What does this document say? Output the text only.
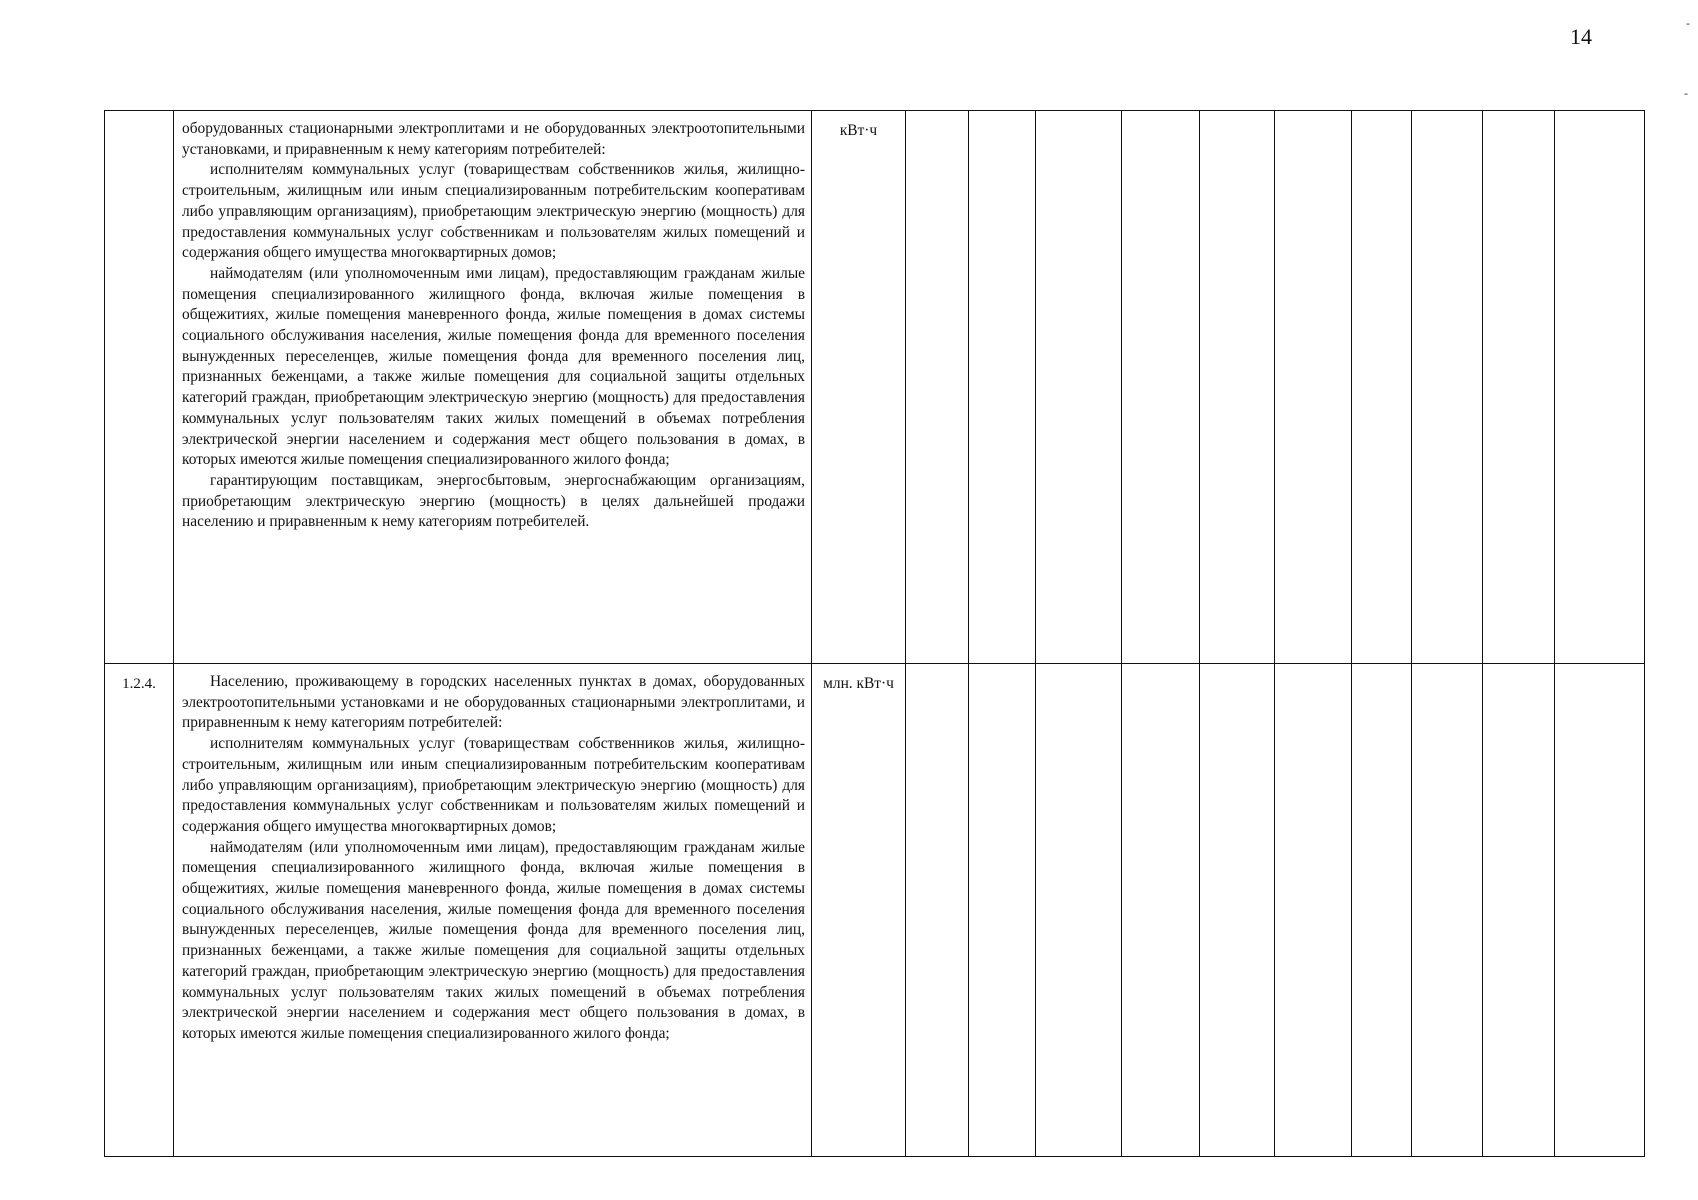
14
-
-

	оборудованных стационарными электроплитами и не оборудованных электроотопительными установками, и приравненным к нему категориям потребителей:

исполнителям коммунальных услуг (товариществам собственников жилья, жилищно-строительным, жилищным или иным специализированным потребительским кооперативам либо управляющим организациям), приобретающим электрическую энергию (мощность) для предоставления коммунальных услуг собственникам и пользователям жилых помещений и содержания общего имущества многоквартирных домов;

наймодателям (или уполномоченным ими лицам), предоставляющим гражданам жилые помещения специализированного жилищного фонда, включая жилые помещения в общежитиях, жилые помещения маневренного фонда, жилые помещения в домах системы социального обслуживания населения, жилые помещения фонда для временного поселения вынужденных переселенцев, жилые помещения фонда для временного поселения лиц, признанных беженцами, а также жилые помещения для социальной защиты отдельных категорий граждан, приобретающим электрическую энергию (мощность) для предоставления коммунальных услуг пользователям таких жилых помещений в объемах потребления электрической энергии населением и содержания мест общего пользования в домах, в которых имеются жилые помещения специализированного жилого фонда;

гарантирующим поставщикам, энергосбытовым, энергоснабжающим организациям, приобретающим электрическую энергию (мощность) в целях дальнейшей продажи населению и приравненным к нему категориям потребителей.	кВт·ч										
1.2.4.	Населению, проживающему в городских населенных пунктах в домах, оборудованных электроотопительными установками и не оборудованных стационарными электроплитами, и приравненным к нему категориям потребителей:

исполнителям коммунальных услуг (товариществам собственников жилья, жилищно-строительным, жилищным или иным специализированным потребительским кооперативам либо управляющим организациям), приобретающим электрическую энергию (мощность) для предоставления коммунальных услуг собственникам и пользователям жилых помещений и содержания общего имущества многоквартирных домов;

наймодателям (или уполномоченным ими лицам), предоставляющим гражданам жилые помещения специализированного жилищного фонда, включая жилые помещения в общежитиях, жилые помещения маневренного фонда, жилые помещения в домах системы социального обслуживания населения, жилые помещения фонда для временного поселения вынужденных переселенцев, жилые помещения фонда для временного поселения лиц, признанных беженцами, а также жилые помещения для социальной защиты отдельных категорий граждан, приобретающим электрическую энергию (мощность) для предоставления коммунальных услуг пользователям таких жилых помещений в объемах потребления электрической энергии населением и содержания мест общего пользования в домах, в которых имеются жилые помещения специализированного жилого фонда;	млн. кВт·ч										
